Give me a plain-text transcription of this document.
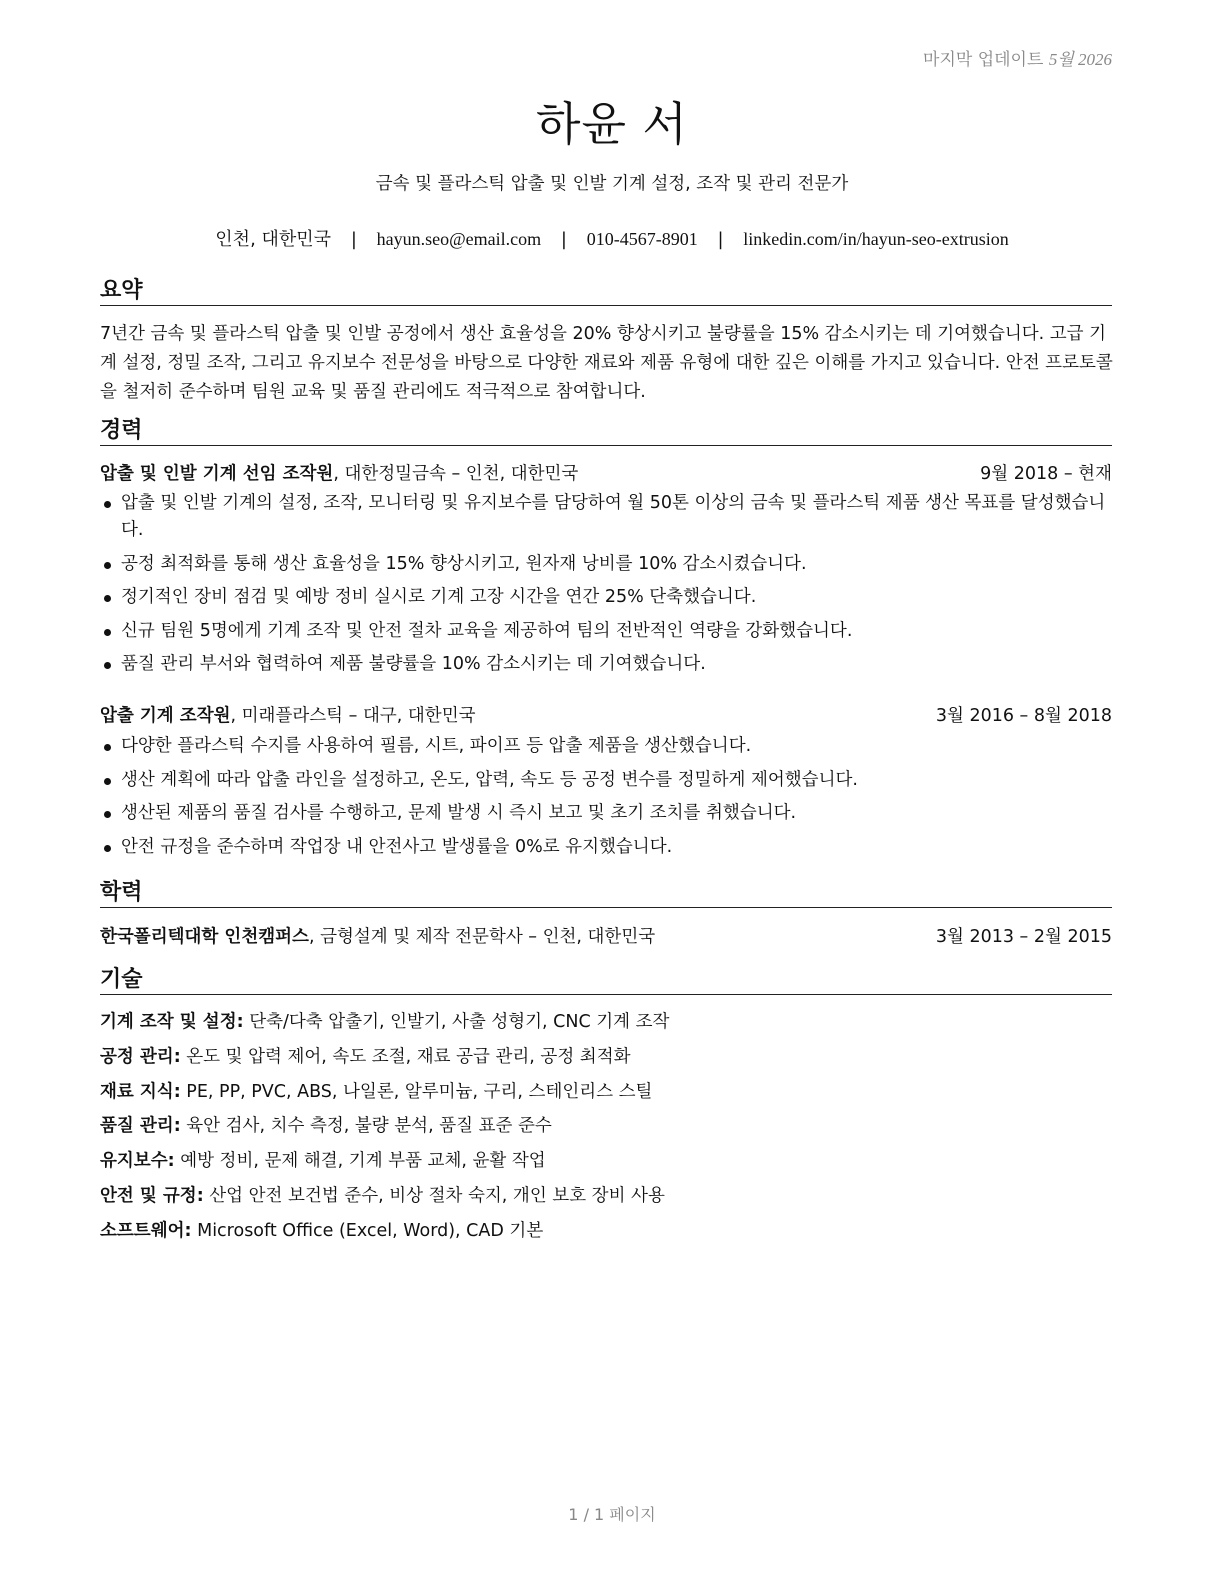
마지막 업데이트 5월 2026
하윤 서
금속 및 플라스틱 압출 및 인발 기계 설정, 조작 및 관리 전문가
인천, 대한민국 | hayun.seo@email.com | 010-4567-8901 | linkedin.com/in/hayun-seo-extrusion
요약
7년간 금속 및 플라스틱 압출 및 인발 공정에서 생산 효율성을 20% 향상시키고 불량률을 15% 감소시키는 데 기여했습니다. 고급 기계 설정, 정밀 조작, 그리고 유지보수 전문성을 바탕으로 다양한 재료와 제품 유형에 대한 깊은 이해를 가지고 있습니다. 안전 프로토콜을 철저히 준수하며 팀원 교육 및 품질 관리에도 적극적으로 참여합니다.
경력
압출 및 인발 기계 선임 조작원, 대한정밀금속 – 인천, 대한민국	9월 2018 – 현재
압출 및 인발 기계의 설정, 조작, 모니터링 및 유지보수를 담당하여 월 50톤 이상의 금속 및 플라스틱 제품 생산 목표를 달성했습니다.
공정 최적화를 통해 생산 효율성을 15% 향상시키고, 원자재 낭비를 10% 감소시켰습니다.
정기적인 장비 점검 및 예방 정비 실시로 기계 고장 시간을 연간 25% 단축했습니다.
신규 팀원 5명에게 기계 조작 및 안전 절차 교육을 제공하여 팀의 전반적인 역량을 강화했습니다.
품질 관리 부서와 협력하여 제품 불량률을 10% 감소시키는 데 기여했습니다.
압출 기계 조작원, 미래플라스틱 – 대구, 대한민국	3월 2016 – 8월 2018
다양한 플라스틱 수지를 사용하여 필름, 시트, 파이프 등 압출 제품을 생산했습니다.
생산 계획에 따라 압출 라인을 설정하고, 온도, 압력, 속도 등 공정 변수를 정밀하게 제어했습니다.
생산된 제품의 품질 검사를 수행하고, 문제 발생 시 즉시 보고 및 초기 조치를 취했습니다.
안전 규정을 준수하며 작업장 내 안전사고 발생률을 0%로 유지했습니다.
학력
한국폴리텍대학 인천캠퍼스, 금형설계 및 제작 전문학사 – 인천, 대한민국	3월 2013 – 2월 2015
기술
기계 조작 및 설정: 단축/다축 압출기, 인발기, 사출 성형기, CNC 기계 조작
공정 관리: 온도 및 압력 제어, 속도 조절, 재료 공급 관리, 공정 최적화
재료 지식: PE, PP, PVC, ABS, 나일론, 알루미늄, 구리, 스테인리스 스틸
품질 관리: 육안 검사, 치수 측정, 불량 분석, 품질 표준 준수
유지보수: 예방 정비, 문제 해결, 기계 부품 교체, 윤활 작업
안전 및 규정: 산업 안전 보건법 준수, 비상 절차 숙지, 개인 보호 장비 사용
소프트웨어: Microsoft Office (Excel, Word), CAD 기본
1 / 1 페이지
